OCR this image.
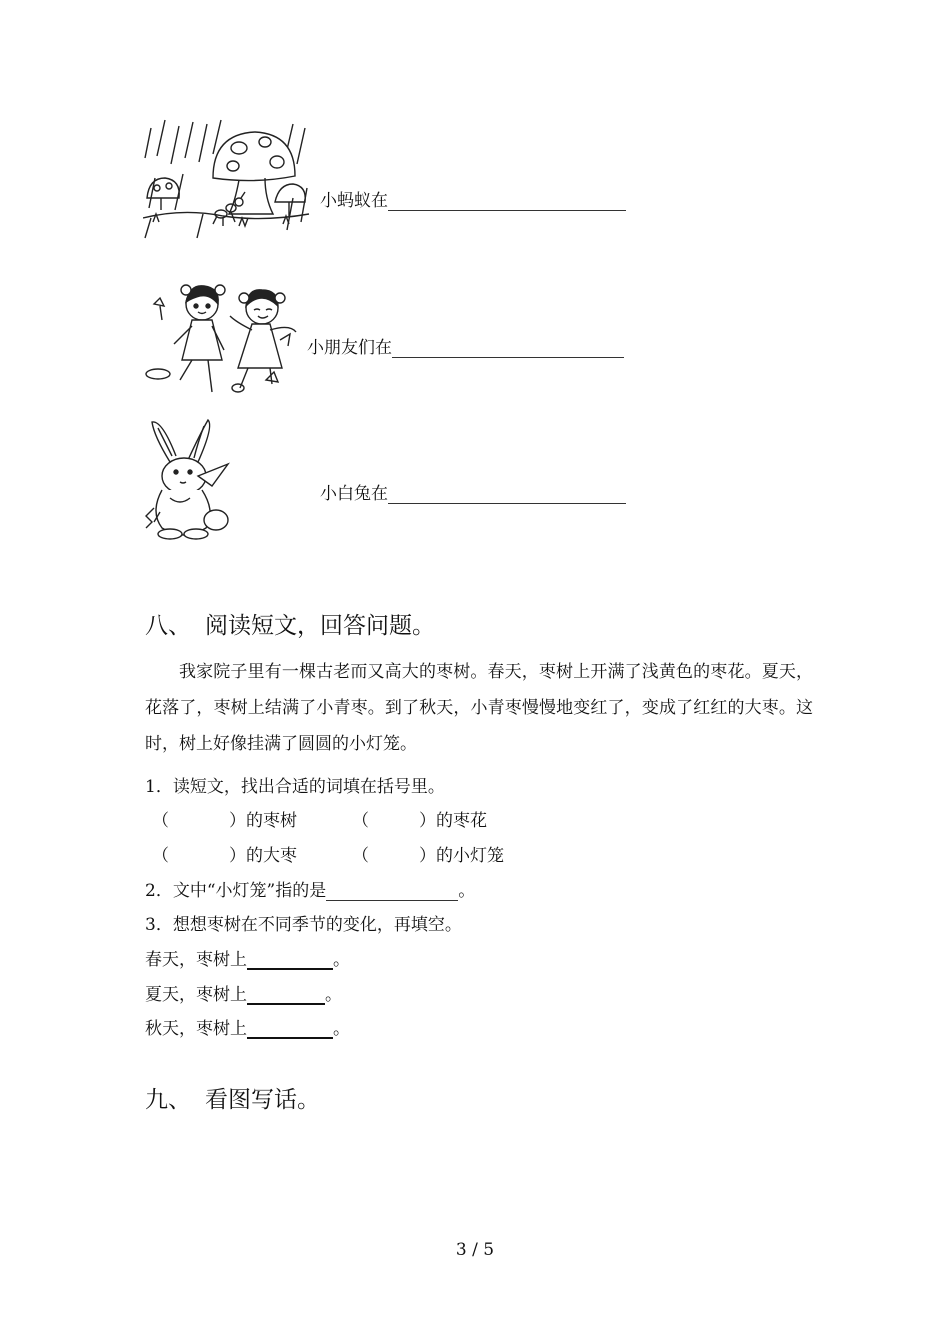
小蚂蚁在
小朋友们在
小白兔在
八、 阅读短文，回答问题。
我家院子里有一棵古老而又高大的枣树。春天，枣树上开满了浅黄色的枣花。夏天，花落了，枣树上结满了小青枣。到了秋天，小青枣慢慢地变红了，变成了红红的大枣。这时，树上好像挂满了圆圆的小灯笼。
1．读短文，找出合适的词填在括号里。
（	）的枣树	（	）的枣花
（	）的大枣	（	）的小灯笼
2．文中“小灯笼”指的是	。
3．想想枣树在不同季节的变化，再填空。
春天，枣树上	。
夏天，枣树上	。
秋天，枣树上	。
九、 看图写话。
3 / 5
